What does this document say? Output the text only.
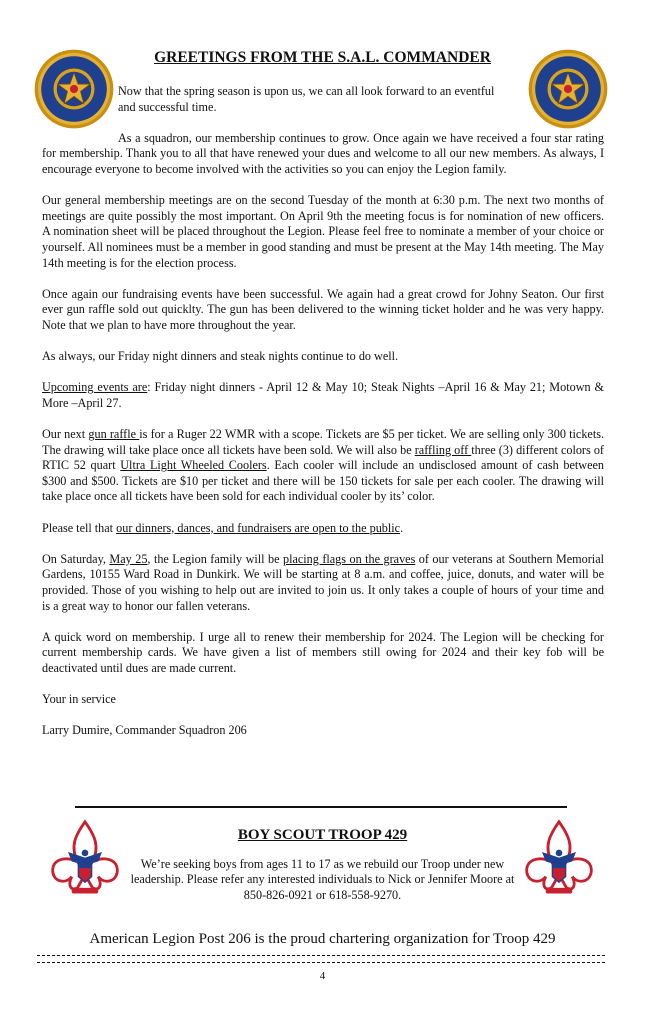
GREETINGS FROM THE S.A.L. COMMANDER

Now that the spring season is upon us, we can all look forward to an eventful and successful time.

As a squadron, our membership continues to grow. Once again we have received a four star rating for membership. Thank you to all that have renewed your dues and welcome to all our new members. As always, I encourage everyone to become involved with the activities so you can enjoy the Legion family.

Our general membership meetings are on the second Tuesday of the month at 6:30 p.m. The next two months of meetings are quite possibly the most important. On April 9th the meeting focus is for nomination of new officers. A nomination sheet will be placed throughout the Legion. Please feel free to nominate a member of your choice or yourself. All nominees must be a member in good standing and must be present at the May 14th meeting. The May 14th meeting is for the election process.

Once again our fundraising events have been successful. We again had a great crowd for Johny Seaton. Our first ever gun raffle sold out quicklty. The gun has been delivered to the winning ticket holder and he was very happy. Note that we plan to have more throughout the year.

As always, our Friday night dinners and steak nights continue to do well.

Upcoming events are: Friday night dinners - April 12 & May 10; Steak Nights –April 16 & May 21; Motown & More –April 27.

Our next gun raffle is for a Ruger 22 WMR with a scope. Tickets are $5 per ticket. We are selling only 300 tickets. The drawing will take place once all tickets have been sold. We will also be raffling off three (3) different colors of RTIC 52 quart Ultra Light Wheeled Coolers. Each cooler will include an undisclosed amount of cash between $300 and $500. Tickets are $10 per ticket and there will be 150 tickets for sale per each cooler. The drawing will take place once all tickets have been sold for each individual cooler by its’ color.

Please tell that our dinners, dances, and fundraisers are open to the public.

On Saturday, May 25, the Legion family will be placing flags on the graves of our veterans at Southern Memorial Gardens, 10155 Ward Road in Dunkirk. We will be starting at 8 a.m. and coffee, juice, donuts, and water will be provided. Those of you wishing to help out are invited to join us. It only takes a couple of hours of your time and is a great way to honor our fallen veterans.

A quick word on membership. I urge all to renew their membership for 2024. The Legion will be checking for current membership cards. We have given a list of members still owing for 2024 and their key fob will be deactivated until dues are made current.

Your in service

Larry Dumire, Commander Squadron 206

BOY SCOUT TROOP 429
We’re seeking boys from ages 11 to 17 as we rebuild our Troop under new leadership. Please refer any interested individuals to Nick or Jennifer Moore at 850-826-0921 or 618-558-9270.
American Legion Post 206 is the proud chartering organization for Troop 429
4
